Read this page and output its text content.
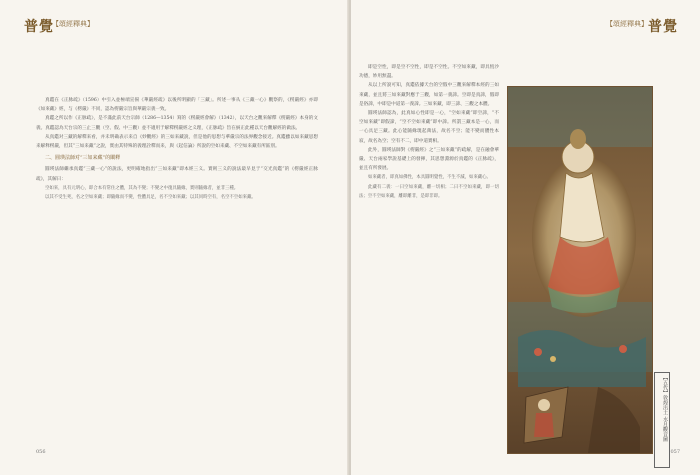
普覺
【頌經釋典】

真鑑在《正脉疏》（1596）中引入並極端宣揚《華嚴經疏》以後所明顯的「三藏」。所述一事从《三藏一心》觀察的，《楞嚴經》亦即《如來藏》經，与《楞嚴》不同，認為楞嚴宗旨與華嚴宗義一致。

真鑑之所以作《正脉疏》，是不滿此前天台宗師（1286—1354）寫的《楞嚴經會解》（1342），以天台之觀來解釋《楞嚴經》本身的文義。真鑑認為天台宗的三止三觀（空、假、中三觀）並不適用于解釋楞嚴經之义理，《正脉疏》旨在糾正此種以天台觀解經的做法。

从真鑑对三藏的解釋来看，并未明确表示来自《妙觀經》的三如来藏說，但是他的思想与華嚴宗的法界觀念接近。真鑑雖以如来藏思想来解释楞嚴，但其“三如来藏”之說，實由其特殊的義理詮釋而来，與《起信論》所說的空如来藏、不空如来藏有所區別。

二、圓瑛法師对“三如来藏”的闡釋

圓瑛法師繼承真鑑“三藏一心”的說法，更明確地指出“三如来藏”即本經三义。實則三义的說法最早見于“交光真鑑”的《楞嚴經正脉疏》，其解曰：

空如來，具有元明心，即合本有常住之體，其為不變；不變之中復具隨緣，實則隨緣者，並非三種。

以其不受生死，名之空如來藏；即隨緣而不變，性體具足，名不空如來藏；以其同時空有，名空不空如來藏。

056
普覺
【頌經釋典】

即是空性，即是空不空性，即是不空性。不空如來藏，即具恆沙功德，妙用無盡。

从以上所說可知，真鑑依據天台的空假中三觀來解釋本經的三如來藏，並且將三如來藏對應于三觀，如第一義諦。空即是真諦，假即是俗諦，中即是中道第一義諦。三如來藏，即三諦、三觀之本體。

圓瑛法師認為，此真如心性即是一心，“空如來藏”即空諦，“不空如來藏”即假諦，“空不空如來藏”即中諦。所謂三藏本是一心，而一心具足三藏。此心能隨緣現起萬法，故名不空；能不變而體性本寂，故名為空；空有不二，即中道實相。

此外，圓瑛法師對《楞嚴經》之“三如來藏”的疏解，是在融會華嚴、天台兩家學說基礎上的發揮，其思想淵源於真鑑的《正脉疏》，並且有所發展。

如來藏者，即真如佛性，本具圓明覺性，不生不滅，如來藏心。

此藏有二義：一曰空如來藏，離一切相；二曰不空如來藏，即一切法；空不空如來藏，離即離非，是即非即。

【五代】敦煌出土 水月觀音圖
057
